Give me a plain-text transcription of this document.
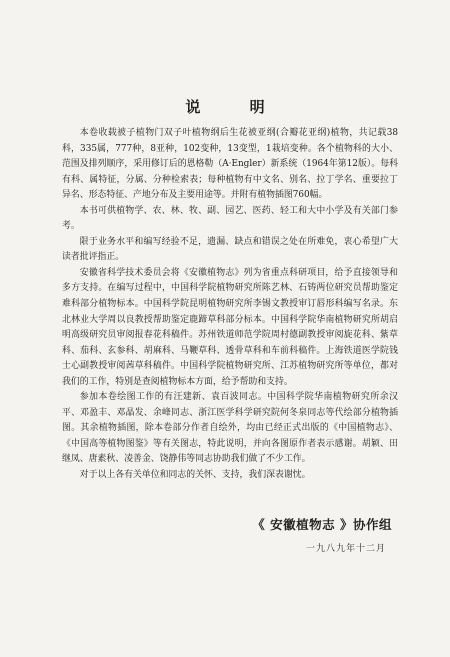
说 明

本卷收载被子植物门双子叶植物纲后生花被亚纲(合瓣花亚纲)植物，共记载38科，335属，777种，8亚种，102变种，13变型，1栽培变种。各个植物科的大小、范围及排列顺序，采用修订后的恩格勒（A·Engler）新系统（1964年第12版）。每科有科、属特征，分属、分种检索表；每种植物有中文名、别名、拉丁学名、重要拉丁异名、形态特征、产地分布及主要用途等。并附有植物插图760幅。

本书可供植物学、农、林、牧、副、园艺、医药、轻工和大中小学及有关部门参考。

限于业务水平和编写经验不足，遗漏、缺点和错误之处在所难免，衷心希望广大读者批评指正。

安徽省科学技术委员会将《安徽植物志》列为省重点科研项目，给予直接领导和多方支持。在编写过程中，中国科学院植物研究所陈艺林、石铸两位研究员帮助鉴定难科部分植物标本。中国科学院昆明植物研究所李锡文教授审订唇形科编写名录。东北林业大学周以良教授帮助鉴定鹿蹄草科部分标本。中国科学院华南植物研究所胡启明高级研究员审阅报春花科稿件。苏州铁道师范学院周村德副教授审阅旋花科、紫草科、茄科、玄参科、胡麻科、马鞭草科、透骨草科和车前科稿件。上海铁道医学院钱士心副教授审阅茜草科稿件。中国科学院植物研究所、江苏植物研究所等单位，都对我们的工作，特别是查阅植物标本方面，给予帮助和支持。

参加本卷绘图工作的有汪建新、袁百波同志。中国科学院华南植物研究所余汉平、邓盈丰、邓晶发、余峰同志、浙江医学科学研究院何冬泉同志等代绘部分植物插图。其余植物插图，除本卷部分作者自绘外，均由已经正式出版的《中国植物志》、《中国高等植物图鉴》等有关图志，特此说明，并向各图原作者表示感谢。胡颖、田继凤、唐素秋、凌善金、饶静伟等同志协助我们做了不少工作。

对于以上各有关单位和同志的关怀、支持，我们深表谢忱。

《 安徽植物志 》协作组
一九八九年十二月
